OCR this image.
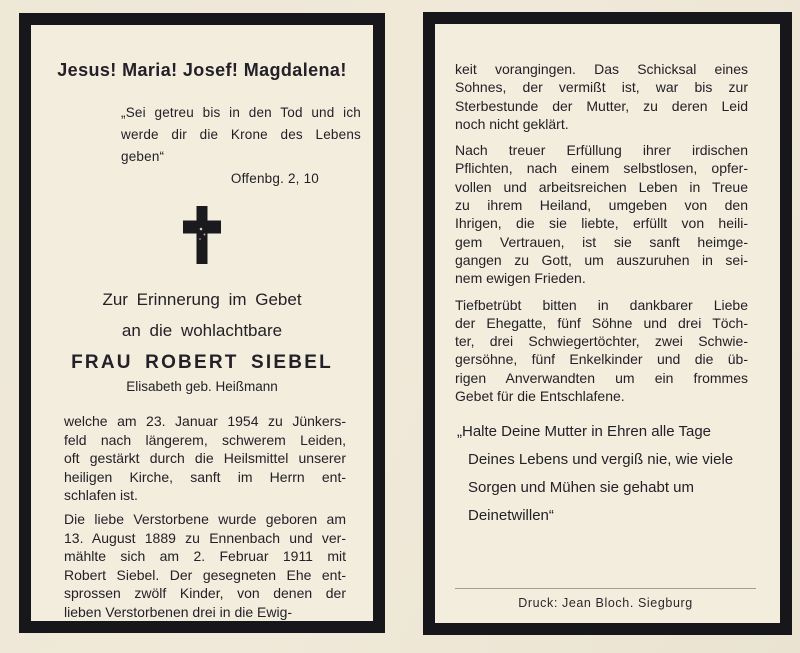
Jesus! Maria! Josef! Magdalena!
„Sei getreu bis in den Tod und ich
werde dir die Krone des Lebens geben“
Offenbg. 2, 10
Zur Erinnerung im Gebet
an die wohlachtbare
FRAU ROBERT SIEBEL
Elisabeth geb. Heißmann
welche am 23. Januar 1954 zu Jünkers-
feld nach längerem, schwerem Leiden,
oft gestärkt durch die Heilsmittel unserer
heiligen Kirche, sanft im Herrn ent-
schlafen ist.
Die liebe Verstorbene wurde geboren am
13. August 1889 zu Ennenbach und ver-
mählte sich am 2. Februar 1911 mit
Robert Siebel. Der gesegneten Ehe ent-
sprossen zwölf Kinder, von denen der
lieben Verstorbenen drei in die Ewig-
keit vorangingen. Das Schicksal eines
Sohnes, der vermißt ist, war bis zur
Sterbestunde der Mutter, zu deren Leid
noch nicht geklärt.
Nach treuer Erfüllung ihrer irdischen
Pflichten, nach einem selbstlosen, opfer-
vollen und arbeitsreichen Leben in Treue
zu ihrem Heiland, umgeben von den
Ihrigen, die sie liebte, erfüllt von heili-
gem Vertrauen, ist sie sanft heimge-
gangen zu Gott, um auszuruhen in sei-
nem ewigen Frieden.
Tiefbetrübt bitten in dankbarer Liebe
der Ehegatte, fünf Söhne und drei Töch-
ter, drei Schwiegertöchter, zwei Schwie-
gersöhne, fünf Enkelkinder und die üb-
rigen Anverwandten um ein frommes
Gebet für die Entschlafene.
„Halte Deine Mutter in Ehren alle Tage
Deines Lebens und vergiß nie, wie viele
Sorgen und Mühen sie gehabt um
Deinetwillen“
Druck: Jean Bloch. Siegburg
